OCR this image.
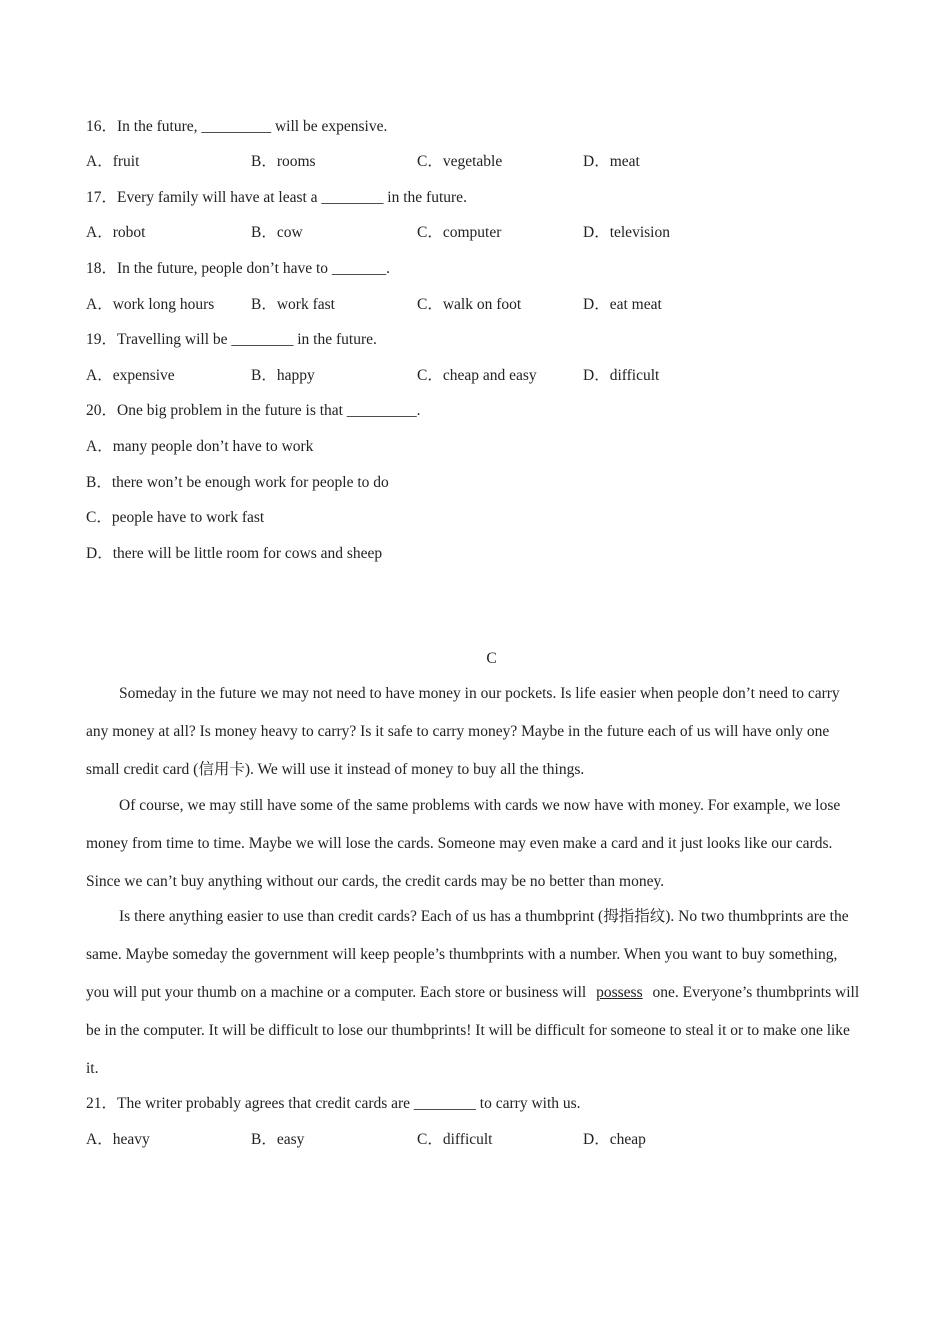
16．In the future, _________ will be expensive.
A．fruit	B．rooms	C．vegetable	D．meat
17．Every family will have at least a ________ in the future.
A．robot	B．cow	C．computer	D．television
18．In the future, people don’t have to _______.
A．work long hours B．work fast	C．walk on foot	D．eat meat
19．Travelling will be ________ in the future.
A．expensive	B．happy	C．cheap and easy	D．difficult
20．One big problem in the future is that _________.
A．many people don’t have to work
B．there won’t be enough work for people to do
C．people have to work fast
D．there will be little room for cows and sheep
C
Someday in the future we may not need to have money in our pockets. Is life easier when people don’t need to carry any money at all? Is money heavy to carry? Is it safe to carry money? Maybe in the future each of us will have only one small credit card (信用卡). We will use it instead of money to buy all the things.
Of course, we may still have some of the same problems with cards we now have with money. For example, we lose money from time to time. Maybe we will lose the cards. Someone may even make a card and it just looks like our cards. Since we can’t buy anything without our cards, the credit cards may be no better than money.
Is there anything easier to use than credit cards? Each of us has a thumbprint (拇指指纹). No two thumbprints are the same. Maybe someday the government will keep people’s thumbprints with a number. When you want to buy something, you will put your thumb on a machine or a computer. Each store or business will possess one. Everyone’s thumbprints will be in the computer. It will be difficult to lose our thumbprints! It will be difficult for someone to steal it or to make one like it.
21．The writer probably agrees that credit cards are ________ to carry with us.
A．heavy	B．easy	C．difficult	D．cheap
